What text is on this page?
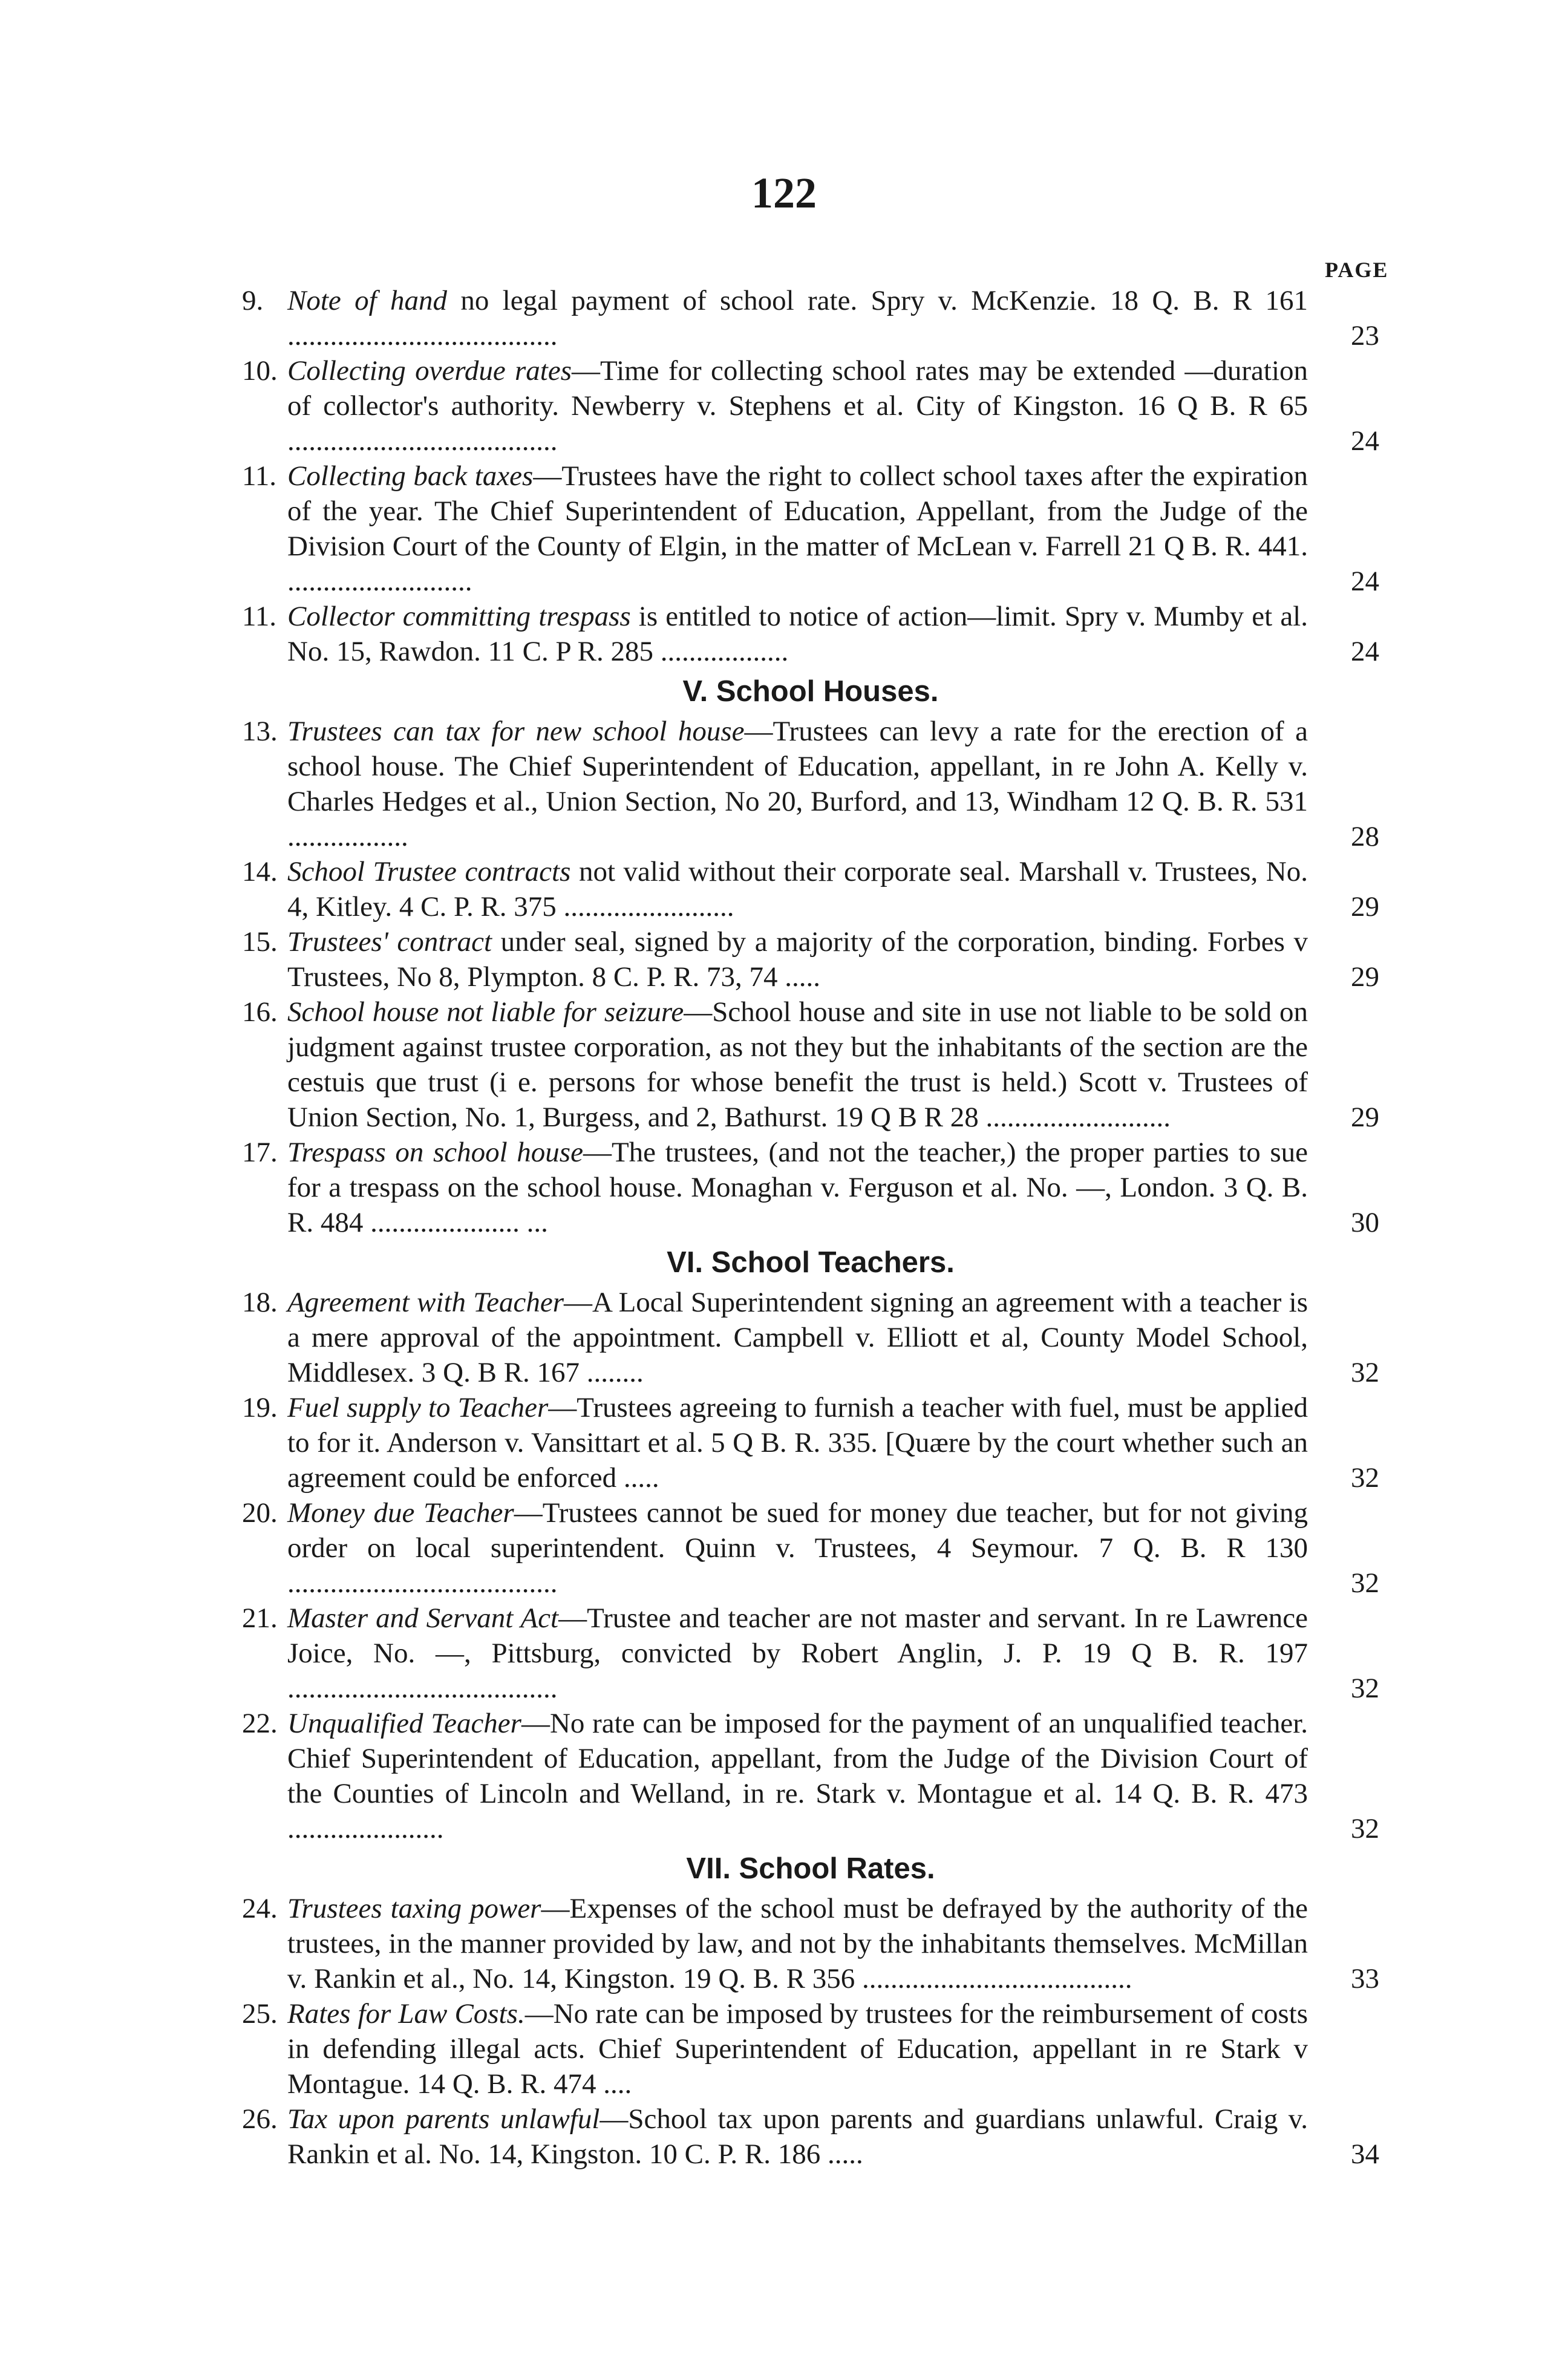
122
PAGE
9. Note of hand no legal payment of school rate. Spry v. McKenzie. 18 Q. B. R 161 ......................................	23
10. Collecting overdue rates—Time for collecting school rates may be extended —duration of collector's authority. Newberry v. Stephens et al. City of Kingston. 16 Q B. R 65 ......................................	24
11. Collecting back taxes—Trustees have the right to collect school taxes after the expiration of the year. The Chief Superintendent of Education, Appellant, from the Judge of the Division Court of the County of Elgin, in the matter of McLean v. Farrell 21 Q B. R. 441. ..........................	24
11. Collector committing trespass is entitled to notice of action—limit. Spry v. Mumby et al. No. 15, Rawdon. 11 C. P R. 285 ..................	24
V. School Houses.
13. Trustees can tax for new school house—Trustees can levy a rate for the erection of a school house. The Chief Superintendent of Education, appellant, in re John A. Kelly v. Charles Hedges et al., Union Section, No 20, Burford, and 13, Windham 12 Q. B. R. 531 .................	28
14. School Trustee contracts not valid without their corporate seal. Marshall v. Trustees, No. 4, Kitley. 4 C. P. R. 375 ........................	29
15. Trustees' contract under seal, signed by a majority of the corporation, binding. Forbes v Trustees, No 8, Plympton. 8 C. P. R. 73, 74 .....	29
16. School house not liable for seizure—School house and site in use not liable to be sold on judgment against trustee corporation, as not they but the inhabitants of the section are the cestuis que trust (i e. persons for whose benefit the trust is held.) Scott v. Trustees of Union Section, No. 1, Burgess, and 2, Bathurst. 19 Q B R 28 ..........................	29
17. Trespass on school house—The trustees, (and not the teacher,) the proper parties to sue for a trespass on the school house. Monaghan v. Ferguson et al. No. —, London. 3 Q. B. R. 484 ..................... ...	30
VI. School Teachers.
18. Agreement with Teacher—A Local Superintendent signing an agreement with a teacher is a mere approval of the appointment. Campbell v. Elliott et al, County Model School, Middlesex. 3 Q. B R. 167 ........	32
19. Fuel supply to Teacher—Trustees agreeing to furnish a teacher with fuel, must be applied to for it. Anderson v. Vansittart et al. 5 Q B. R. 335. [Quære by the court whether such an agreement could be enforced .....	32
20. Money due Teacher—Trustees cannot be sued for money due teacher, but for not giving order on local superintendent. Quinn v. Trustees, 4 Seymour. 7 Q. B. R 130 ......................................	32
21. Master and Servant Act—Trustee and teacher are not master and servant. In re Lawrence Joice, No. —, Pittsburg, convicted by Robert Anglin, J. P. 19 Q B. R. 197 ......................................	32
22. Unqualified Teacher—No rate can be imposed for the payment of an unqualified teacher. Chief Superintendent of Education, appellant, from the Judge of the Division Court of the Counties of Lincoln and Welland, in re. Stark v. Montague et al. 14 Q. B. R. 473 ......................	32
VII. School Rates.
24. Trustees taxing power—Expenses of the school must be defrayed by the authority of the trustees, in the manner provided by law, and not by the inhabitants themselves. McMillan v. Rankin et al., No. 14, Kingston. 19 Q. B. R 356 ......................................	33
25. Rates for Law Costs.—No rate can be imposed by trustees for the reimbursement of costs in defending illegal acts. Chief Superintendent of Education, appellant in re Stark v Montague. 14 Q. B. R. 474 ....
26. Tax upon parents unlawful—School tax upon parents and guardians unlawful. Craig v. Rankin et al. No. 14, Kingston. 10 C. P. R. 186 .....	34
